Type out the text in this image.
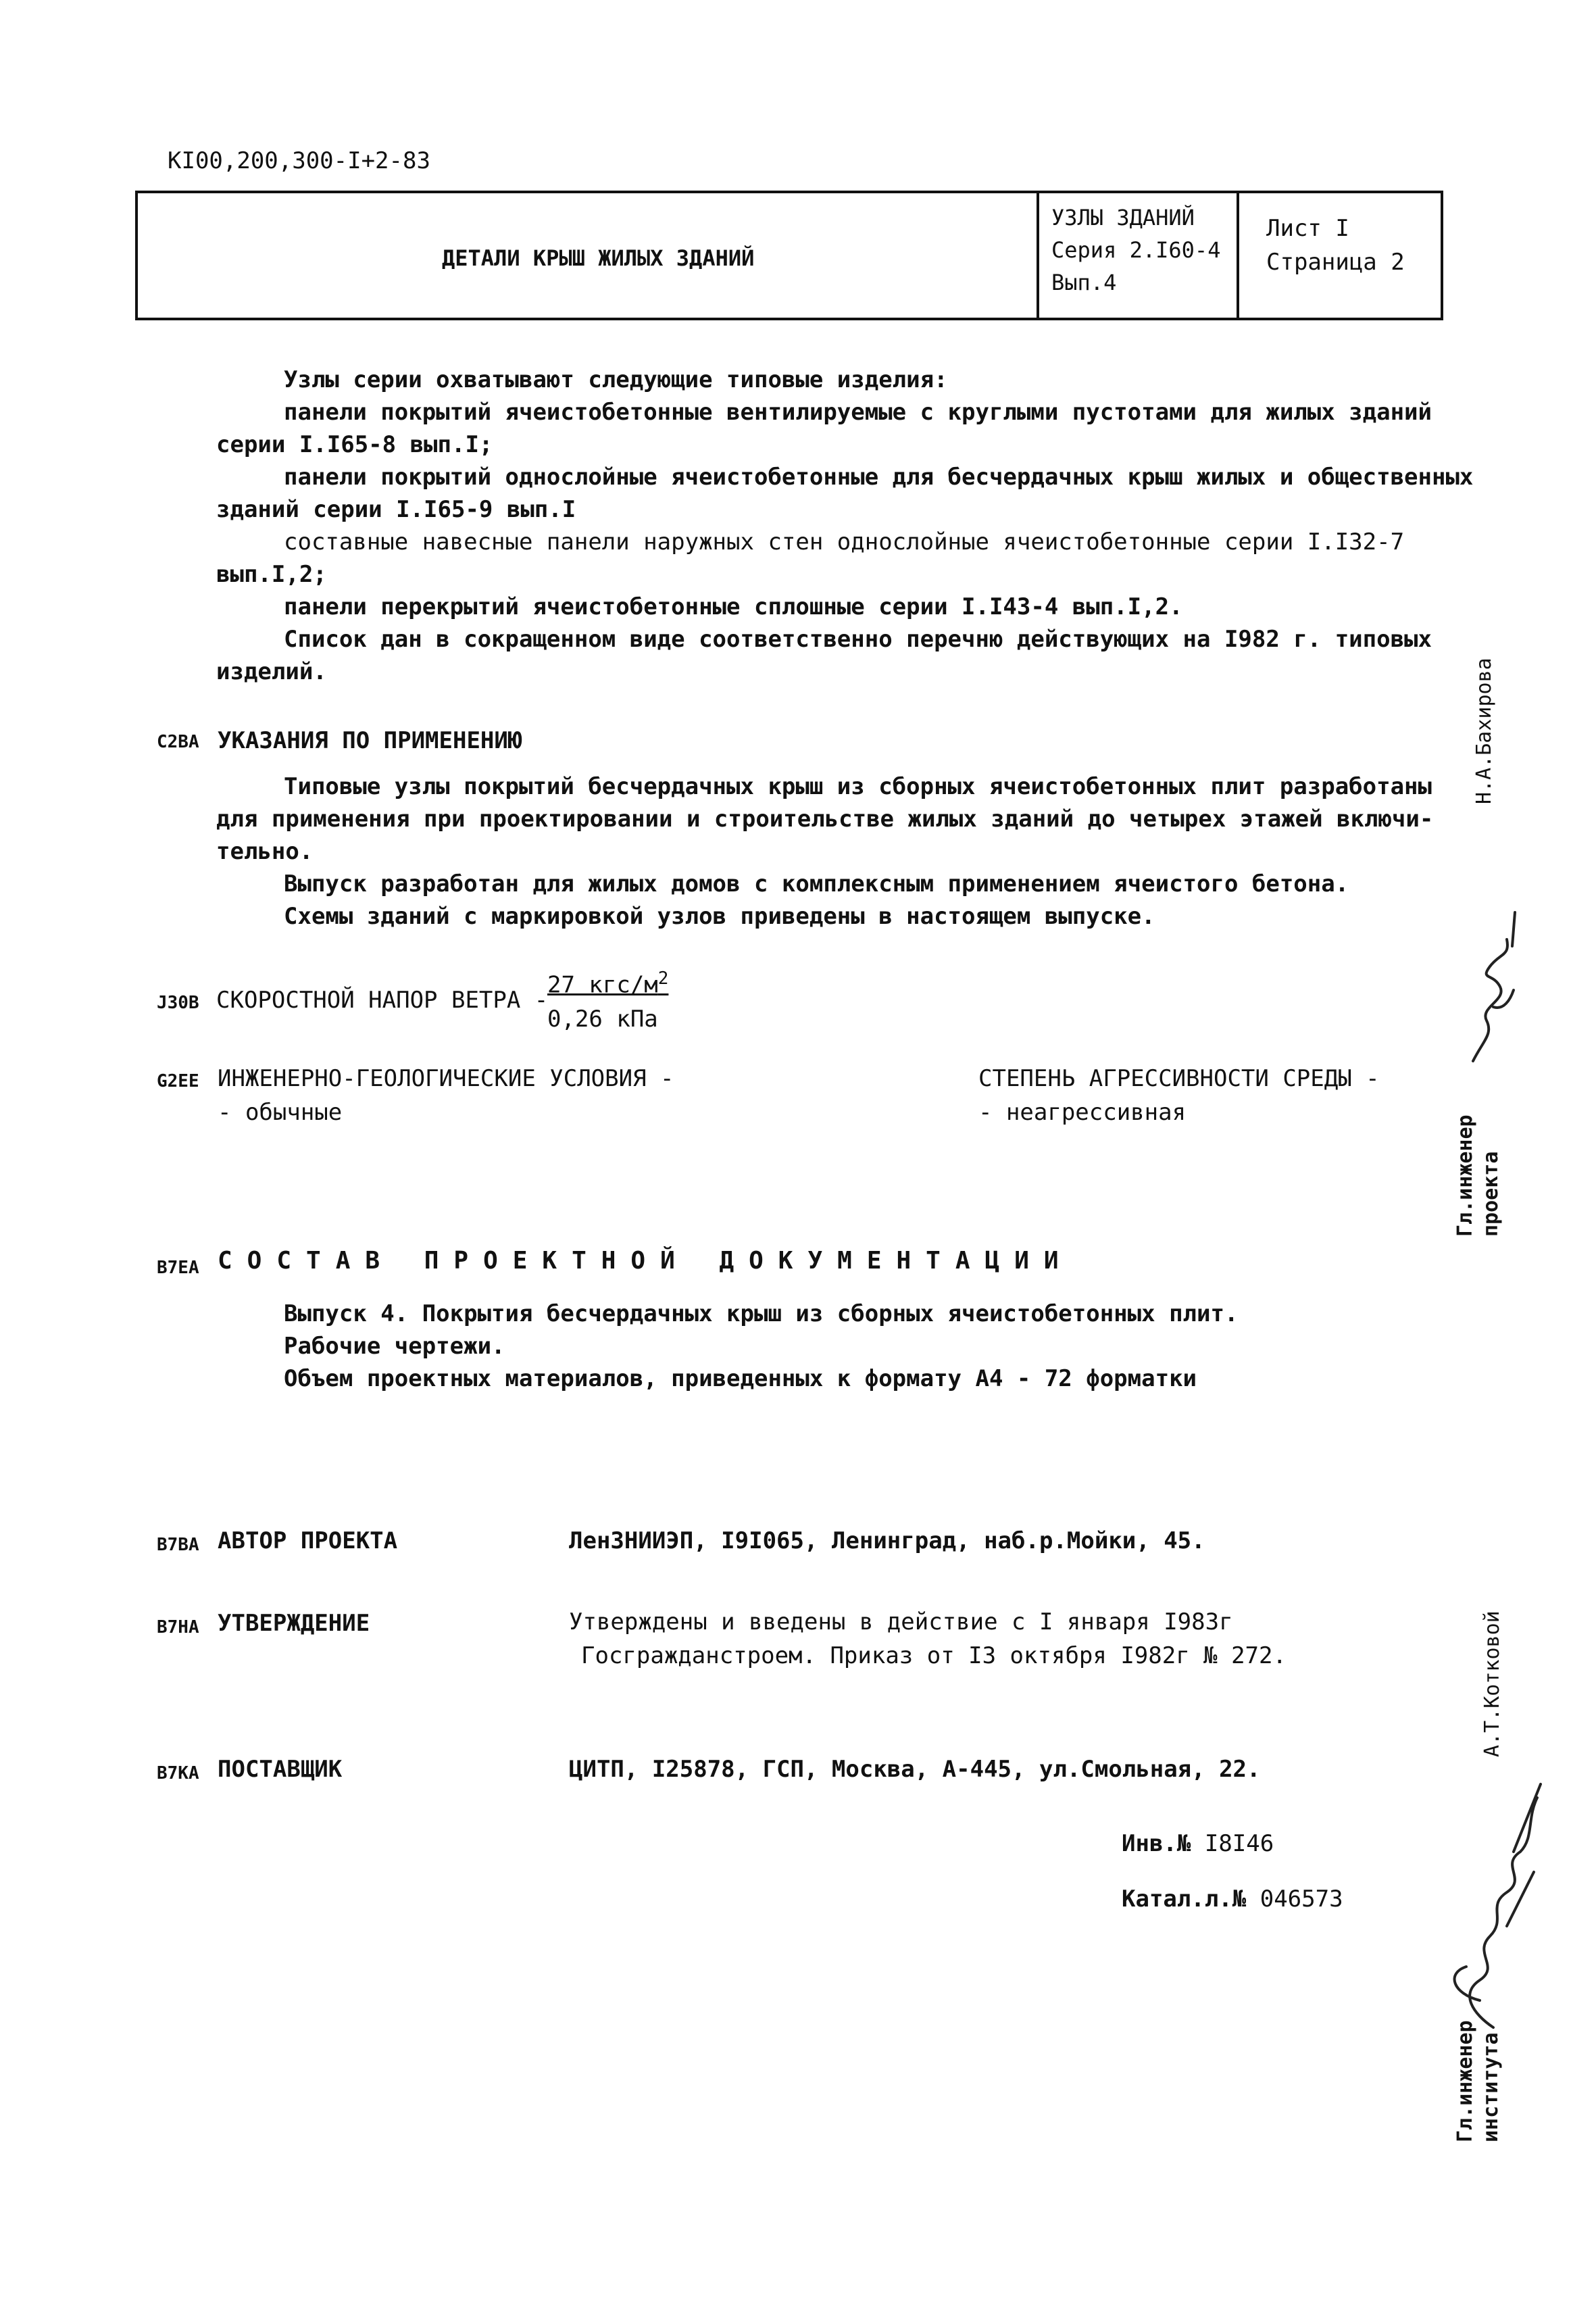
КI00,200,300-I+2-83
ДЕТАЛИ КРЫШ ЖИЛЫХ ЗДАНИЙ
УЗЛЫ ЗДАНИЙ
Серия 2.I60-4
Вып.4
Лист I
Страница 2
Узлы серии охватывают следующие типовые изделия:
панели покрытий ячеистобетонные вентилируемые с круглыми пустотами для жилых зданий
серии I.I65-8 вып.I;
панели покрытий однослойные ячеистобетонные для бесчердачных крыш жилых и общественных
зданий серии I.I65-9 вып.I
составные навесные панели наружных стен однослойные ячеистобетонные серии I.I32-7
вып.I,2;
панели перекрытий ячеистобетонные сплошные серии I.I43-4 вып.I,2.
Список дан в сокращенном виде соответственно перечню действующих на I982 г. типовых
изделий.
C2BA УКАЗАНИЯ ПО ПРИМЕНЕНИЮ
Типовые узлы покрытий бесчердачных крыш из сборных ячеистобетонных плит разработаны
для применения при проектировании и строительстве жилых зданий до четырех этажей включи-
тельно.
Выпуск разработан для жилых домов с комплексным применением ячеистого бетона.
Схемы зданий с маркировкой узлов приведены в настоящем выпуске.
J30B СКОРОСТНОЙ НАПОР ВЕТРА -
27 кгс/$м^2$
0,26 кПа
G2EE ИНЖЕНЕРНО-ГЕОЛОГИЧЕСКИЕ УСЛОВИЯ -
- обычные
СТЕПЕНЬ АГРЕССИВНОСТИ СРЕДЫ -
- неагрессивная
B7EA СОСТАВ ПРОЕКТНОЙ ДОКУМЕНТАЦИИ
Выпуск 4. Покрытия бесчердачных крыш из сборных ячеистобетонных плит.
Рабочие чертежи.
Объем проектных материалов, приведенных к формату А4 - 72 форматки
B7BA АВТОР ПРОЕКТА	ЛенЗНИИЭП, I9I065, Ленинград, наб.р.Мойки, 45.
B7HA УТВЕРЖДЕНИЕ	Утверждены и введены в действие с I января I983г
Госгражданстроем. Приказ от I3 октября I982г № 272.
B7KA ПОСТАВЩИК	ЦИТП, I25878, ГСП, Москва, А-445, ул.Смольная, 22.
Инв.№ I8I46
Катал.л.№ 046573
Н.А.Бахирова
Гл.инженер проекта
А.Т.Котковой
Гл.инженер института
